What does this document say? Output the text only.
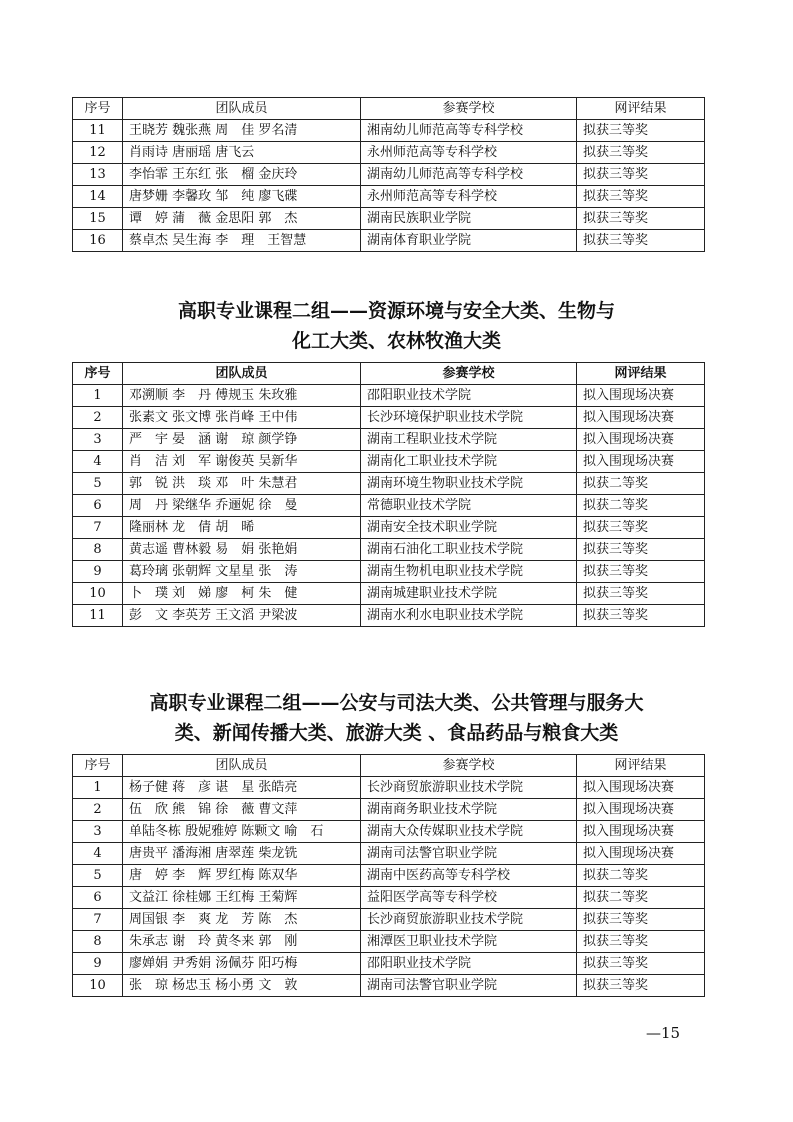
序号	团队成员	参赛学校	网评结果
11	王晓芳 魏张燕 周　佳 罗名清	湘南幼儿师范高等专科学校	拟获三等奖
12	肖雨诗 唐丽瑶 唐飞云	永州师范高等专科学校	拟获三等奖
13	李怡霏 王东红 张　榴 金庆玲	湖南幼儿师范高等专科学校	拟获三等奖
14	唐梦姗 李馨玫 邹　纯 廖飞碟	永州师范高等专科学校	拟获三等奖
15	谭　婷 蒲　薇 金思阳 郭　杰	湖南民族职业学院	拟获三等奖
16	蔡卓杰 吴生海 李　理　王智慧	湖南体育职业学院	拟获三等奖
高职专业课程二组——资源环境与安全大类、生物与
化工大类、农林牧渔大类
序号	团队成员	参赛学校	网评结果
1	邓溯顺 李　丹 傅规玉 朱玫雅	邵阳职业技术学院	拟入围现场决赛
2	张素文 张文博 张肖峰 王中伟	长沙环境保护职业技术学院	拟入围现场决赛
3	严　宇 晏　涵 谢　琼 颜学铮	湖南工程职业技术学院	拟入围现场决赛
4	肖　洁 刘　军 谢俊英 吴新华	湖南化工职业技术学院	拟入围现场决赛
5	郭　锐 洪　琰 邓　叶 朱慧君	湖南环境生物职业技术学院	拟获二等奖
6	周　丹 梁继华 乔逦妮 徐　曼	常德职业技术学院	拟获二等奖
7	隆丽林 龙　倩 胡　晞	湖南安全技术职业学院	拟获三等奖
8	黄志遥 曹林毅 易　娟 张艳娟	湖南石油化工职业技术学院	拟获三等奖
9	葛玲璃 张朝辉 文星星 张　涛	湖南生物机电职业技术学院	拟获三等奖
10	卜　璞 刘　娣 廖　柯 朱　健	湖南城建职业技术学院	拟获三等奖
11	彭　文 李英芳 王文滔 尹梁波	湖南水利水电职业技术学院	拟获三等奖
高职专业课程二组——公安与司法大类、公共管理与服务大
类、新闻传播大类、旅游大类 、食品药品与粮食大类
序号	团队成员	参赛学校	网评结果
1	杨子健 蒋　彦 谌　星 张皓亮	长沙商贸旅游职业技术学院	拟入围现场决赛
2	伍　欣 熊　锦 徐　薇 曹文萍	湖南商务职业技术学院	拟入围现场决赛
3	单陆冬栋 殷妮雅婷 陈颗文 喻　石	湖南大众传媒职业技术学院	拟入围现场决赛
4	唐贵平 潘海湘 唐翠莲 柴龙铣	湖南司法警官职业学院	拟入围现场决赛
5	唐　婷 李　辉 罗红梅 陈双华	湖南中医药高等专科学校	拟获二等奖
6	文益江 徐桂娜 王红梅 王菊辉	益阳医学高等专科学校	拟获二等奖
7	周国银 李　爽 龙　芳 陈　杰	长沙商贸旅游职业技术学院	拟获三等奖
8	朱承志 谢　玲 黄冬来 郭　刚	湘潭医卫职业技术学院	拟获三等奖
9	廖婵娟 尹秀娟 汤佩芬 阳巧梅	邵阳职业技术学院	拟获三等奖
10	张　琼 杨忠玉 杨小勇 文　敦	湖南司法警官职业学院	拟获三等奖
—15
